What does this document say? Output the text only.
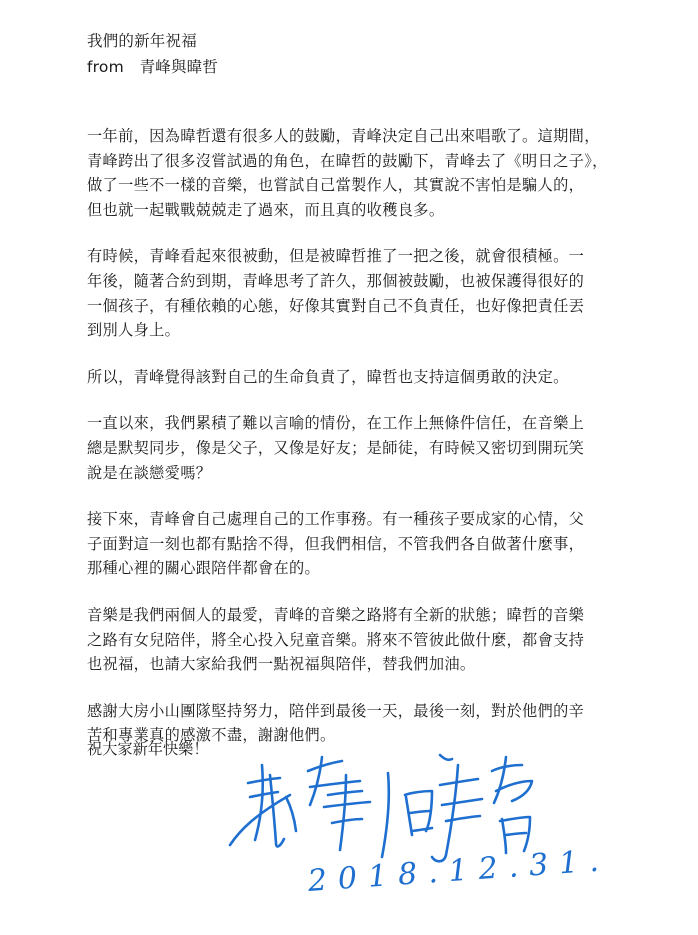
我們的新年祝福
from　青峰與暐哲
一年前，因為暐哲還有很多人的鼓勵，青峰決定自己出來唱歌了。這期間，
青峰跨出了很多沒嘗試過的角色，在暐哲的鼓勵下，青峰去了《明日之子》，
做了一些不一樣的音樂，也嘗試自己當製作人，其實說不害怕是騙人的，
但也就一起戰戰兢兢走了過來，而且真的收穫良多。
有時候，青峰看起來很被動，但是被暐哲推了一把之後，就會很積極。一
年後，隨著合約到期，青峰思考了許久，那個被鼓勵，也被保護得很好的
一個孩子，有種依賴的心態，好像其實對自己不負責任，也好像把責任丟
到別人身上。
所以，青峰覺得該對自己的生命負責了，暐哲也支持這個勇敢的決定。
一直以來，我們累積了難以言喻的情份，在工作上無條件信任，在音樂上
總是默契同步，像是父子，又像是好友；是師徒，有時候又密切到開玩笑
說是在談戀愛嗎？
接下來，青峰會自己處理自己的工作事務。有一種孩子要成家的心情，父
子面對這一刻也都有點捨不得，但我們相信，不管我們各自做著什麼事，
那種心裡的關心跟陪伴都會在的。
音樂是我們兩個人的最愛，青峰的音樂之路將有全新的狀態；暐哲的音樂
之路有女兒陪伴，將全心投入兒童音樂。將來不管彼此做什麼，都會支持
也祝福，也請大家給我們一點祝福與陪伴，替我們加油。
感謝大房小山團隊堅持努力，陪伴到最後一天，最後一刻，對於他們的辛
苦和專業真的感激不盡，謝謝他們。
祝大家新年快樂！
2018.12.31.
